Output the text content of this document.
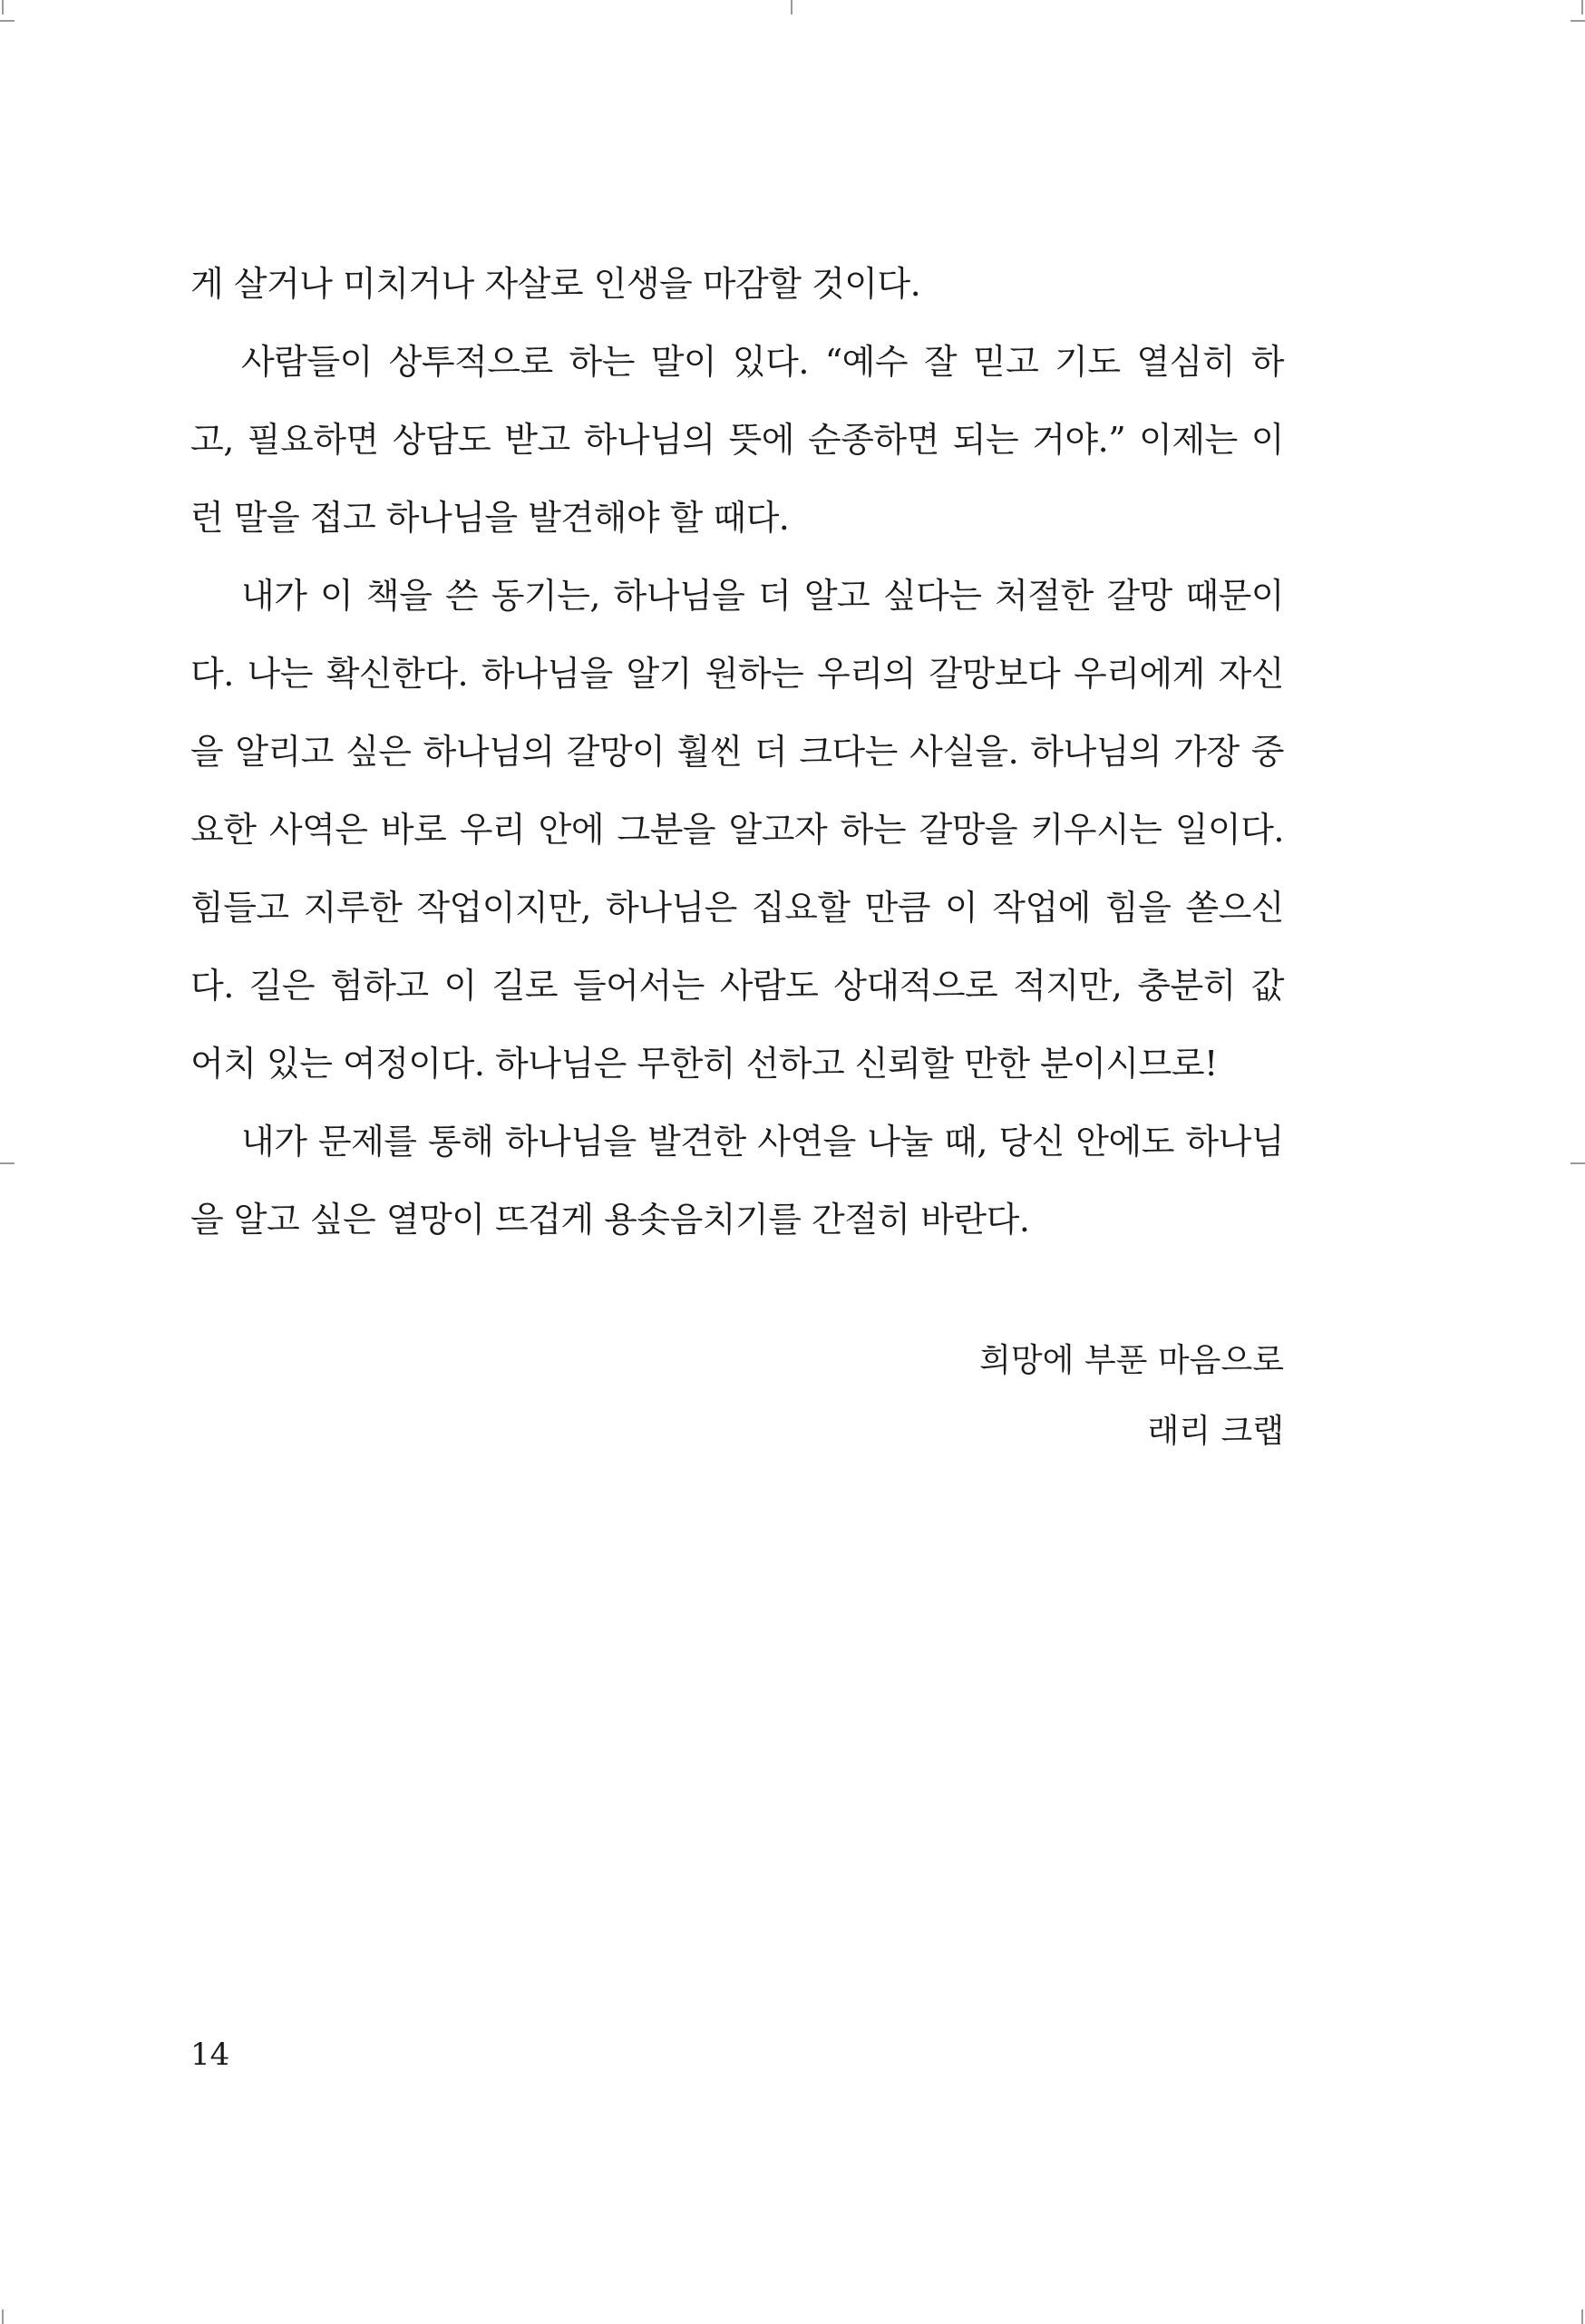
게 살거나 미치거나 자살로 인생을 마감할 것이다.
사람들이 상투적으로 하는 말이 있다. “예수 잘 믿고 기도 열심히 하
고, 필요하면 상담도 받고 하나님의 뜻에 순종하면 되는 거야.” 이제는 이
런 말을 접고 하나님을 발견해야 할 때다.
내가 이 책을 쓴 동기는, 하나님을 더 알고 싶다는 처절한 갈망 때문이
다. 나는 확신한다. 하나님을 알기 원하는 우리의 갈망보다 우리에게 자신
을 알리고 싶은 하나님의 갈망이 훨씬 더 크다는 사실을. 하나님의 가장 중
요한 사역은 바로 우리 안에 그분을 알고자 하는 갈망을 키우시는 일이다.
힘들고 지루한 작업이지만, 하나님은 집요할 만큼 이 작업에 힘을 쏟으신
다. 길은 험하고 이 길로 들어서는 사람도 상대적으로 적지만, 충분히 값
어치 있는 여정이다. 하나님은 무한히 선하고 신뢰할 만한 분이시므로!
내가 문제를 통해 하나님을 발견한 사연을 나눌 때, 당신 안에도 하나님
을 알고 싶은 열망이 뜨겁게 용솟음치기를 간절히 바란다.
희망에 부푼 마음으로
래리 크랩
14
